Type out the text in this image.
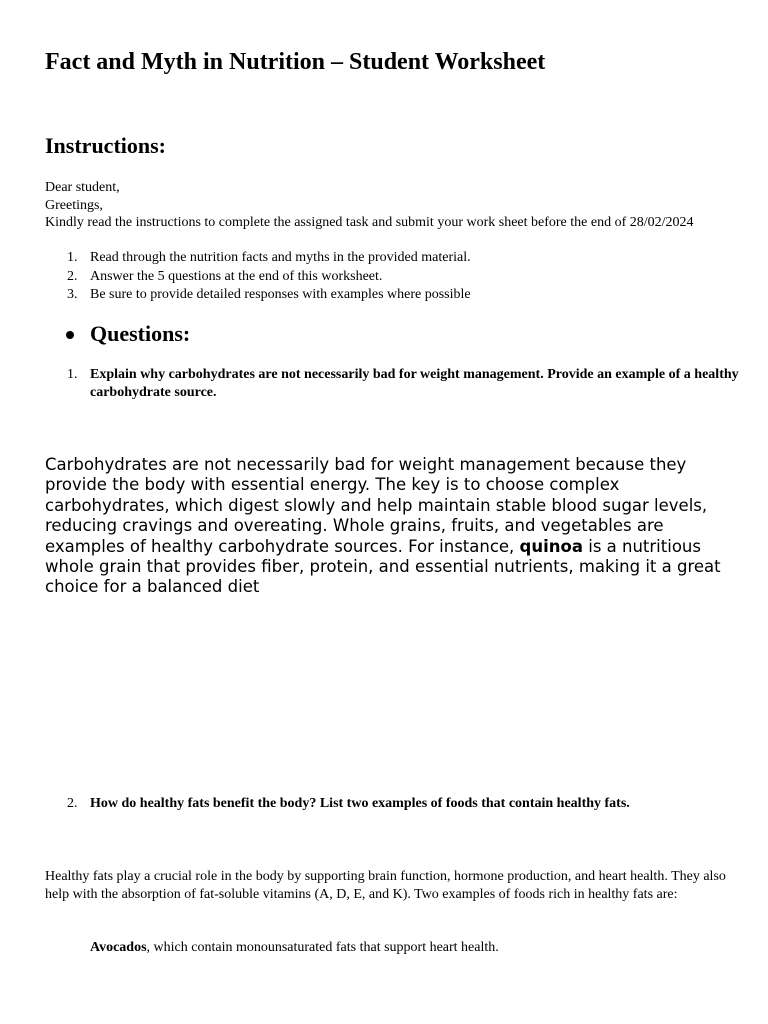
Fact and Myth in Nutrition – Student Worksheet
Instructions:

Dear student,

Greetings,

Kindly read the instructions to complete the assigned task and submit your work sheet before the end of 28/02/2024

1. Read through the nutrition facts and myths in the provided material.
2. Answer the 5 questions at the end of this worksheet.
3. Be sure to provide detailed responses with examples where possible
Questions:
1. Explain why carbohydrates are not necessarily bad for weight management. Provide an example of a healthy carbohydrate source.

Carbohydrates are not necessarily bad for weight management because they provide the body with essential energy. The key is to choose complex carbohydrates, which digest slowly and help maintain stable blood sugar levels, reducing cravings and overeating. Whole grains, fruits, and vegetables are examples of healthy carbohydrate sources. For instance, quinoa is a nutritious whole grain that provides fiber, protein, and essential nutrients, making it a great choice for a balanced diet

2. How do healthy fats benefit the body? List two examples of foods that contain healthy fats.

Healthy fats play a crucial role in the body by supporting brain function, hormone production, and heart health. They also help with the absorption of fat-soluble vitamins (A, D, E, and K). Two examples of foods rich in healthy fats are:

Avocados, which contain monounsaturated fats that support heart health.
